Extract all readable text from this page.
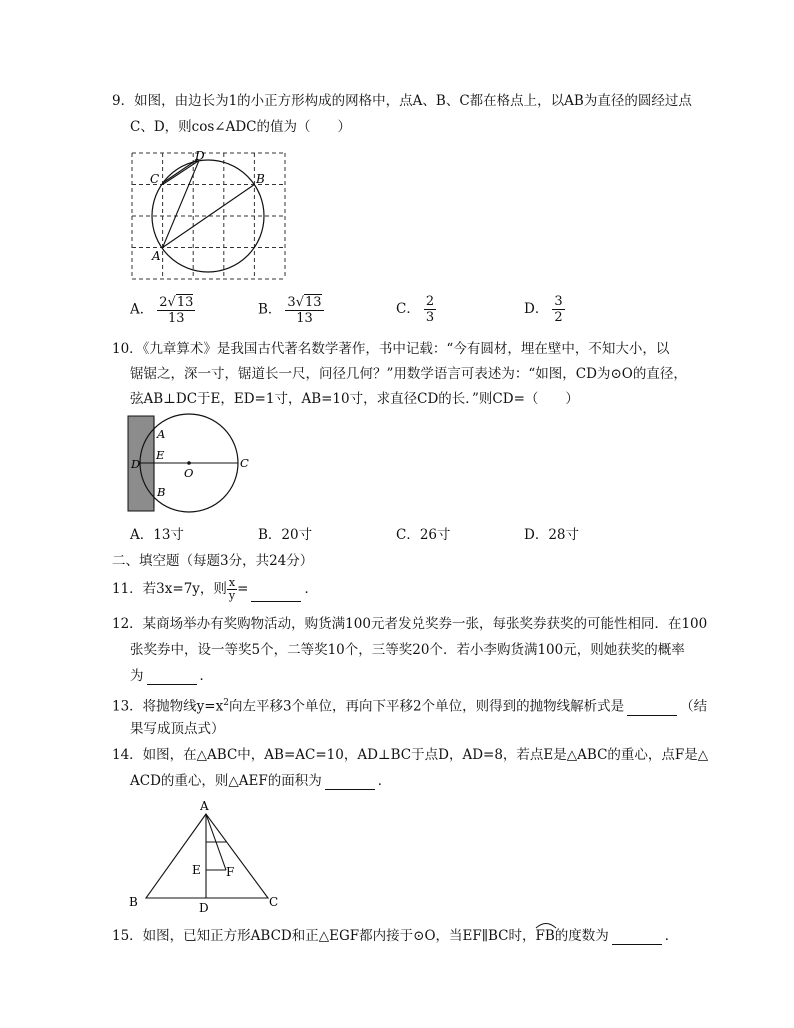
9．如图，由边长为1的小正方形构成的网格中，点A、B、C都在格点上，以AB为直径的圆经过点
C、D，则cos∠ADC的值为（　　）
D
C	B
A
A． $\frac{2√ 13}{13}$	B． $\frac{3√ 13}{13}$	C． $\frac{2}{3}$	D． $\frac{3}{2}$
10．《九章算术》是我国古代著名数学著作，书中记载：“今有圆材，埋在壁中，不知大小，以
锯锯之，深一寸，锯道长一尺，问径几何？”用数学语言可表述为：“如图，CD为⊙O的直径，
弦AB⊥DC于E，ED=1寸，AB=10寸，求直径CD的长．”则CD=（　　）
A
E
D
O
C
B
A．13寸	B．20寸	C．26寸	D．28寸
二、填空题（每题3分，共24分）
11．若3x=7y，则 $\frac{x}{y}$ =	．
12．某商场举办有奖购物活动，购货满100元者发兑奖券一张，每张奖券获奖的可能性相同．在100
张奖券中，设一等奖5个，二等奖10个，三等奖20个．若小李购货满100元，则她获奖的概率
为	．
13．将抛物线$y=x^2$向左平移3个单位，再向下平移2个单位，则得到的抛物线解析式是	（结
果写成顶点式）
14．如图，在△ABC中，AB=AC=10，AD⊥BC于点D，AD=8，若点E是△ABC的重心，点F是△
ACD的重心，则△AEF的面积为	．
A
E F
B	D	C
15．如图，已知正方形ABCD和正△EGF都内接于⊙O，当EF∥BC时，
FB的度数为	．
